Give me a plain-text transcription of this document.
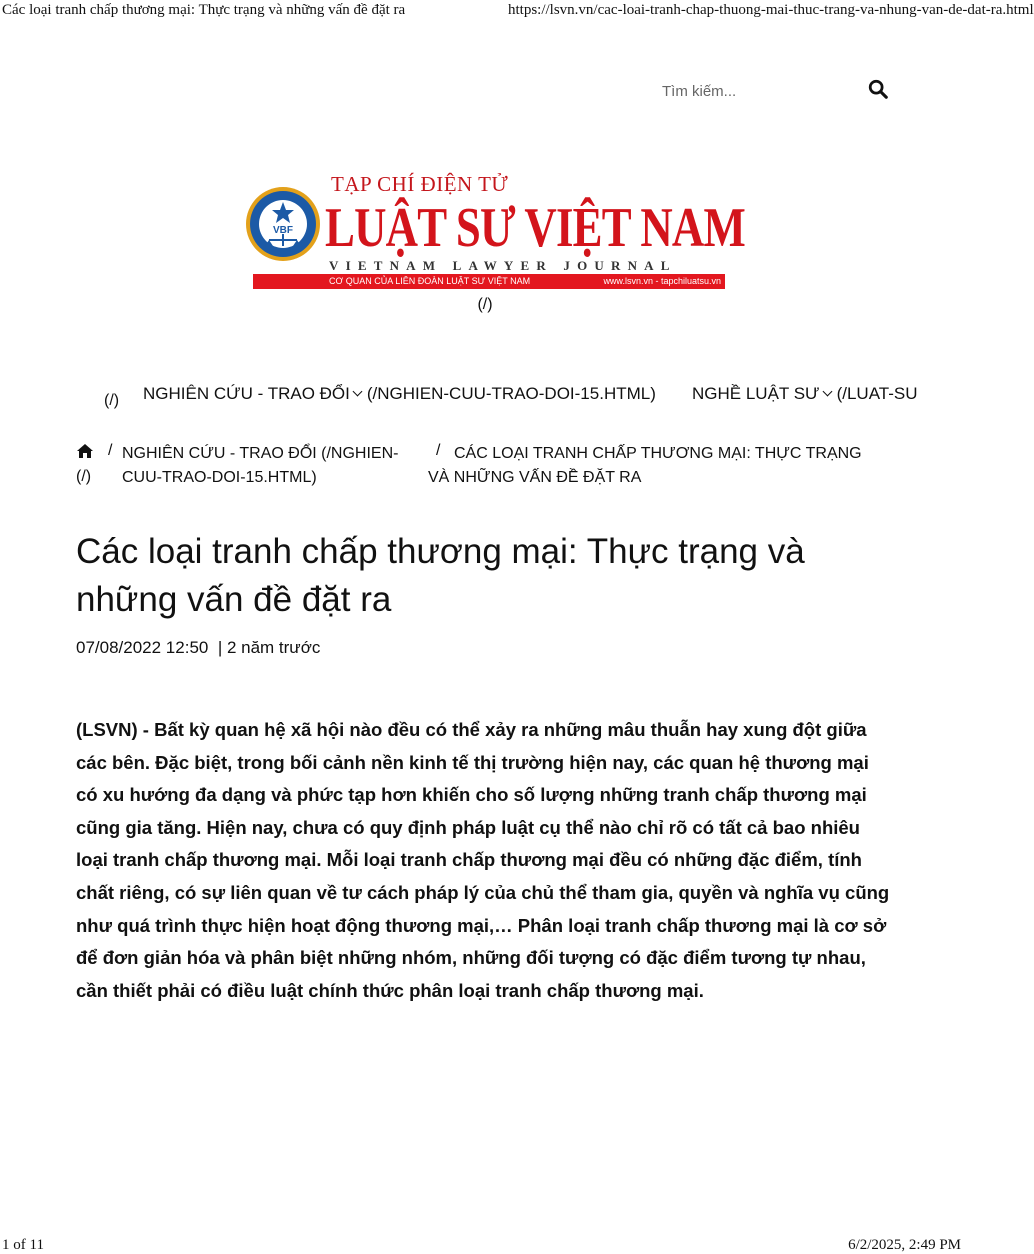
Các loại tranh chấp thương mại: Thực trạng và những vấn đề đặt ra	https://lsvn.vn/cac-loai-tranh-chap-thuong-mai-thuc-trang-va-nhung-van-de-dat-ra.html
Tìm kiếm...
VBF
TẠP CHÍ ĐIỆN TỬ
LUẬT SƯ VIỆT NAM
VIETNAM LAWYER JOURNAL
CƠ QUAN CỦA LIÊN ĐOÀN LUẬT SƯ VIỆT NAM	www.lsvn.vn - tapchiluatsu.vn
(/)
(/) NGHIÊN CỨU - TRAO ĐỔI (/NGHIEN-CUU-TRAO-DOI-15.HTML) NGHỀ LUẬT SƯ (/LUAT-SU
(/)
/ NGHIÊN CỨU - TRAO ĐỔI (/NGHIEN-CUU-TRAO-DOI-15.HTML)
/ CÁC LOẠI TRANH CHẤP THƯƠNG MẠI: THỰC TRẠNG VÀ NHỮNG VẤN ĐỀ ĐẶT RA
Các loại tranh chấp thương mại: Thực trạng và những vấn đề đặt ra
07/08/2022 12:50 | 2 năm trước

(LSVN) - Bất kỳ quan hệ xã hội nào đều có thể xảy ra những mâu thuẫn hay xung đột giữa các bên. Đặc biệt, trong bối cảnh nền kinh tế thị trường hiện nay, các quan hệ thương mại có xu hướng đa dạng và phức tạp hơn khiến cho số lượng những tranh chấp thương mại cũng gia tăng. Hiện nay, chưa có quy định pháp luật cụ thể nào chỉ rõ có tất cả bao nhiêu loại tranh chấp thương mại. Mỗi loại tranh chấp thương mại đều có những đặc điểm, tính chất riêng, có sự liên quan về tư cách pháp lý của chủ thể tham gia, quyền và nghĩa vụ cũng như quá trình thực hiện hoạt động thương mại,… Phân loại tranh chấp thương mại là cơ sở để đơn giản hóa và phân biệt những nhóm, những đối tượng có đặc điểm tương tự nhau, cần thiết phải có điều luật chính thức phân loại tranh chấp thương mại.

1 of 11	6/2/2025, 2:49 PM
